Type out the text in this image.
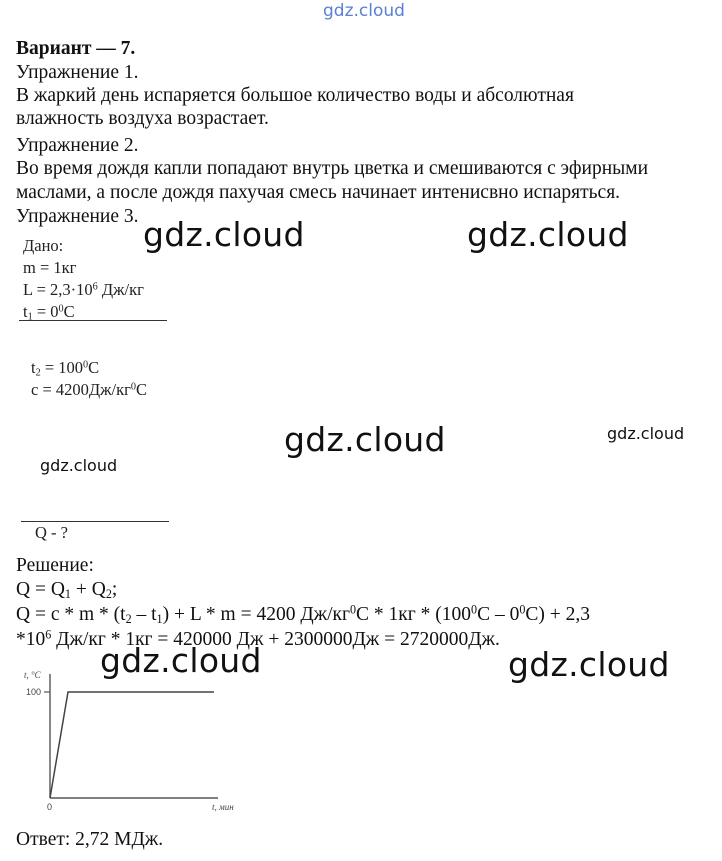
gdz.cloud
Вариант — 7.
Упражнение 1.
В жаркий день испаряется большое количество воды и абсолютная
влажность воздуха возрастает.
Упражнение 2.
Во время дождя капли попадают внутрь цветка и смешиваются с эфирными
маслами, а после дождя пахучая смесь начинает интенисвно испаряться.
Упражнение 3.
Дано:
m = 1кг
$L = 2,3\cdot 10^6$ Дж/кг
$t_1 = 0^0C$
$t_2 = 100^0C$
$c = 4200Дж/кг^0C$
Q - ?
Решение:
$Q = Q_1 + Q_2$;
$Q = c * m * (t_2 - t_1) + L * m = 4200$ $Дж/кг^0C * 1кг * (100^0C - 0^0C) + 2,3$
$*10^6$ Дж/кг * 1кг = 420000 Дж + 2300000Дж = 2720000Дж.
t, °C
100
0	t, мин
Ответ: 2,72 МДж.
gdz.cloud	gdz.cloud
gdz.cloud	gdz.cloud
gdz.cloud
gdz.cloud	gdz.cloud
